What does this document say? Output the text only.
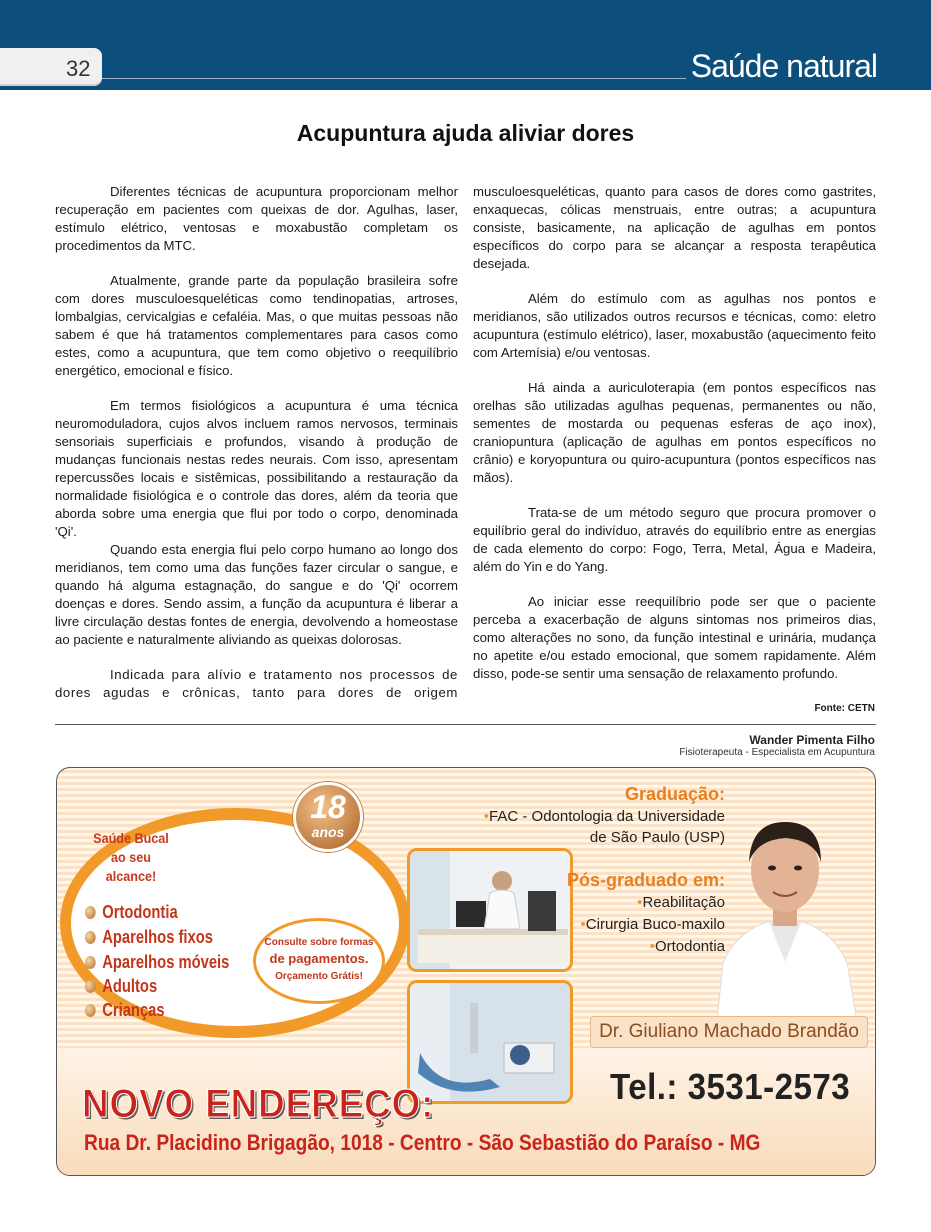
32	Saúde natural
Acupuntura ajuda aliviar dores

Diferentes técnicas de acupuntura proporcionam melhor recuperação em pacientes com queixas de dor. Agulhas, laser, estímulo elétrico, ventosas e moxabustão completam os procedimentos da MTC.

Atualmente, grande parte da população brasileira sofre com dores musculoesqueléticas como tendinopatias, artroses, lombalgias, cervicalgias e cefaléia. Mas, o que muitas pessoas não sabem é que há tratamentos complementares para casos como estes, como a acupuntura, que tem como objetivo o reequilíbrio energético, emocional e físico.

Em termos fisiológicos a acupuntura é uma técnica neuromoduladora, cujos alvos incluem ramos nervosos, terminais sensoriais superficiais e profundos, visando à produção de mudanças funcionais nestas redes neurais. Com isso, apresentam repercussões locais e sistêmicas, possibilitando a restauração da normalidade fisiológica e o controle das dores, além da teoria que aborda sobre uma energia que flui por todo o corpo, denominada 'Qi'.

Quando esta energia flui pelo corpo humano ao longo dos meridianos, tem como uma das funções fazer circular o sangue, e quando há alguma estagnação, do sangue e do 'Qi' ocorrem doenças e dores. Sendo assim, a função da acupuntura é liberar a livre circulação destas fontes de energia, devolvendo a homeostase ao paciente e naturalmente aliviando as queixas dolorosas.

Indicada para alívio e tratamento nos processos de dores agudas e crônicas, tanto para dores de origem

musculoesqueléticas, quanto para casos de dores como gastrites, enxaquecas, cólicas menstruais, entre outras; a acupuntura consiste, basicamente, na aplicação de agulhas em pontos específicos do corpo para se alcançar a resposta terapêutica desejada.

Além do estímulo com as agulhas nos pontos e meridianos, são utilizados outros recursos e técnicas, como: eletro acupuntura (estímulo elétrico), laser, moxabustão (aquecimento feito com Artemísia) e/ou ventosas.

Há ainda a auriculoterapia (em pontos específicos nas orelhas são utilizadas agulhas pequenas, permanentes ou não, sementes de mostarda ou pequenas esferas de aço inox), craniopuntura (aplicação de agulhas em pontos específicos no crânio) e koryopuntura ou quiro-acupuntura (pontos específicos nas mãos).

Trata-se de um método seguro que procura promover o equilíbrio geral do indivíduo, através do equilíbrio entre as energias de cada elemento do corpo: Fogo, Terra, Metal, Água e Madeira, além do Yin e do Yang.

Ao iniciar esse reequilíbrio pode ser que o paciente perceba a exacerbação de alguns sintomas nos primeiros dias, como alterações no sono, da função intestinal e urinária, mudança no apetite e/ou estado emocional, que somem rapidamente. Além disso, pode-se sentir uma sensação de relaxamento profundo.

Fonte: CETN
Wander Pimenta Filho
Fisioterapeuta - Especialista em Acupuntura
Saúde Bucal ao seu alcance!
Ortodontia
Aparelhos fixos
Aparelhos móveis
Adultos
Crianças
18
anos
Consulte sobre formas
de pagamentos.
Orçamento Grátis!
Graduação:
•FAC - Odontologia da Universidade
de São Paulo (USP)
Pós-graduado em:
•Reabilitação
•Cirurgia Buco-maxilo
•Ortodontia
Dr. Giuliano Machado Brandão
Tel.: 3531-2573
NOVO ENDEREÇO:
Rua Dr. Placidino Brigagão, 1018 - Centro - São Sebastião do Paraíso - MG
